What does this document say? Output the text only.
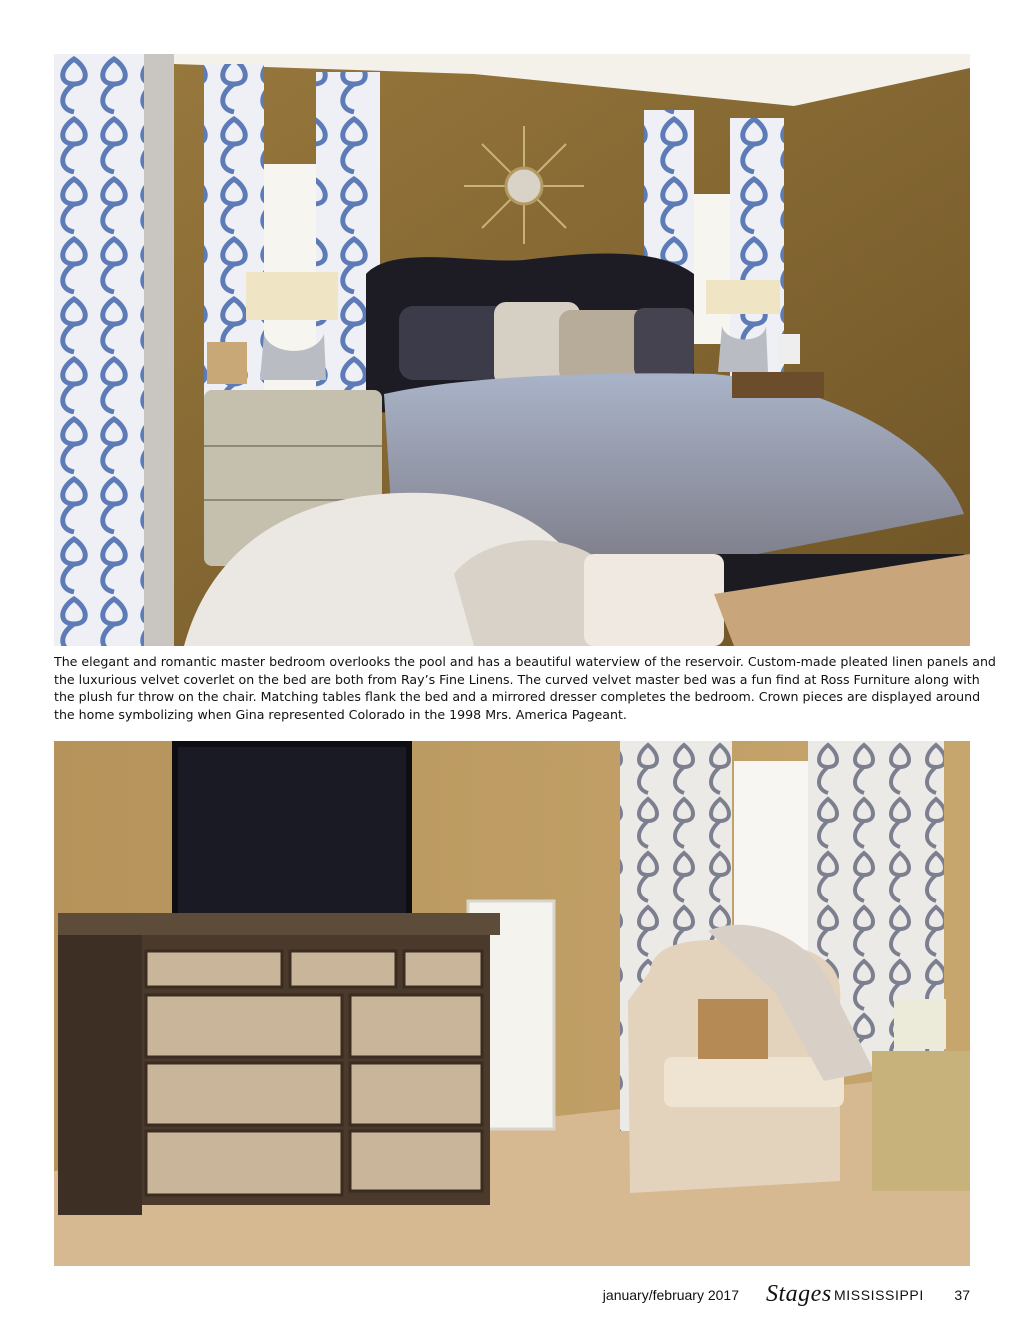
The elegant and romantic master bedroom overlooks the pool and has a beautiful waterview of the reservoir. Custom-made pleated linen panels and
the luxurious velvet coverlet on the bed are both from Ray’s Fine Linens. The curved velvet master bed was a fun find at Ross Furniture along with
the plush fur throw on the chair. Matching tables flank the bed and a mirrored dresser completes the bedroom. Crown pieces are displayed around
the home symbolizing when Gina represented Colorado in the 1998 Mrs. America Pageant.

january/february 2017 Stages MISSISSIPPI 37
